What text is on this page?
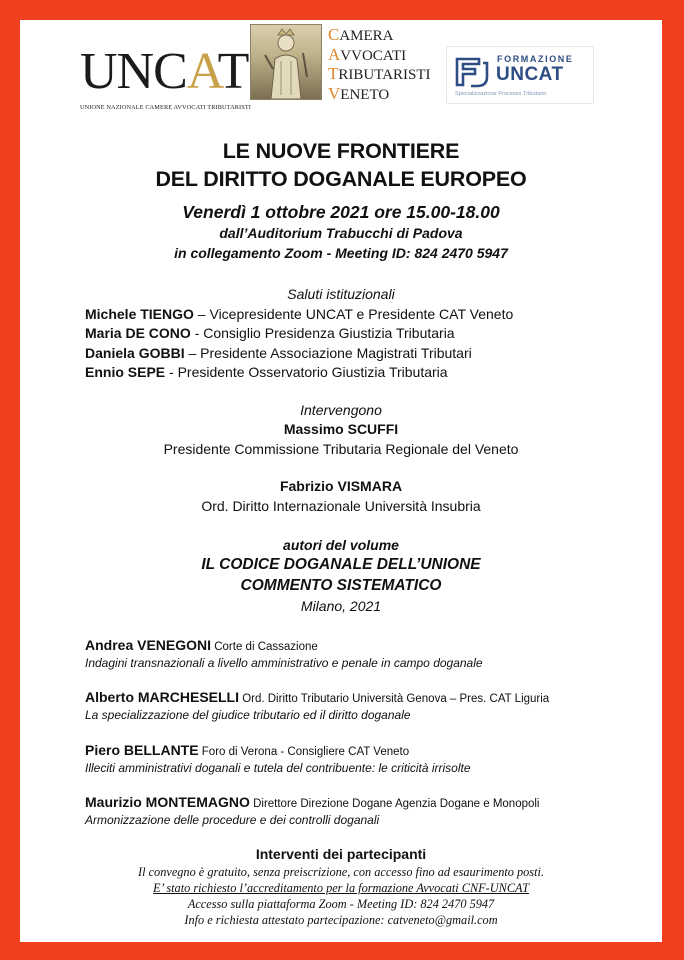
UNCAT
UNIONE NAZIONALE CAMERE AVVOCATI TRIBUTARISTI
CAMERA
AVVOCATI
TRIBUTARISTI
VENETO
FORMAZIONE
UNCAT
Specializzazione Processo Tributario
LE NUOVE FRONTIERE
DEL DIRITTO DOGANALE EUROPEO
Venerdì 1 ottobre 2021 ore 15.00-18.00
dall’Auditorium Trabucchi di Padova
in collegamento Zoom - Meeting ID: 824 2470 5947
Saluti istituzionali
Michele TIENGO – Vicepresidente UNCAT e Presidente CAT Veneto
Maria DE CONO - Consiglio Presidenza Giustizia Tributaria
Daniela GOBBI – Presidente Associazione Magistrati Tributari
Ennio SEPE - Presidente Osservatorio Giustizia Tributaria
Intervengono
Massimo SCUFFI
Presidente Commissione Tributaria Regionale del Veneto
Fabrizio VISMARA
Ord. Diritto Internazionale Università Insubria
autori del volume
IL CODICE DOGANALE DELL’UNIONE
COMMENTO SISTEMATICO
Milano, 2021
Andrea VENEGONI Corte di Cassazione
Indagini transnazionali a livello amministrativo e penale in campo doganale
Alberto MARCHESELLI Ord. Diritto Tributario Università Genova – Pres. CAT Liguria
La specializzazione del giudice tributario ed il diritto doganale
Piero BELLANTE Foro di Verona - Consigliere CAT Veneto
Illeciti amministrativi doganali e tutela del contribuente: le criticità irrisolte
Maurizio MONTEMAGNO Direttore Direzione Dogane Agenzia Dogane e Monopoli
Armonizzazione delle procedure e dei controlli doganali
Interventi dei partecipanti
Il convegno è gratuito, senza preiscrizione, con accesso fino ad esaurimento posti.
E’ stato richiesto l’accreditamento per la formazione Avvocati CNF-UNCAT
Accesso sulla piattaforma Zoom - Meeting ID: 824 2470 5947
Info e richiesta attestato partecipazione: catveneto@gmail.com
